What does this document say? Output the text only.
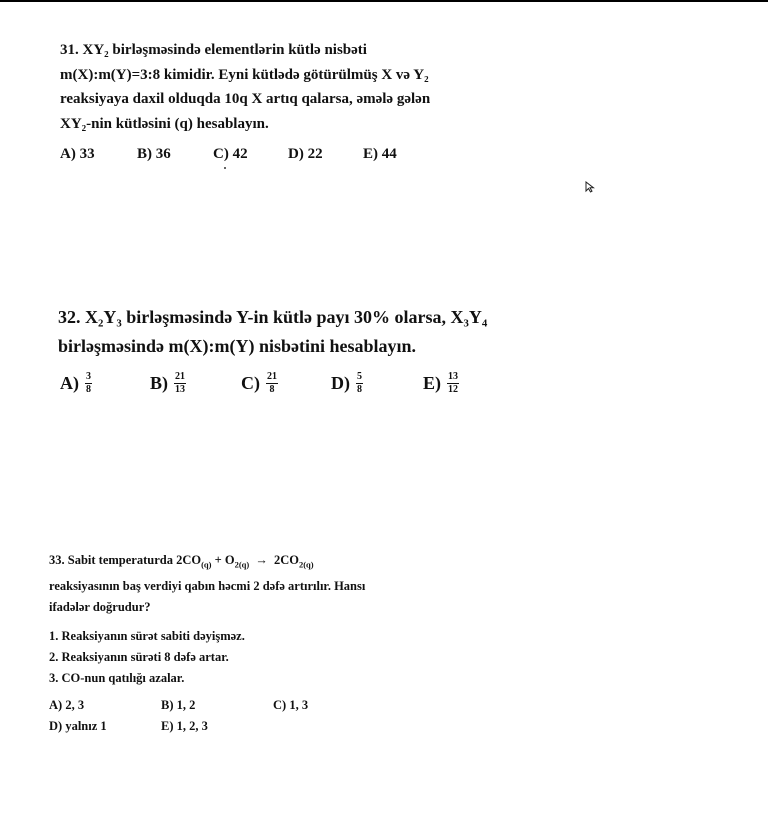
31. XY₂ birləşməsində elementlərin kütlə nisbəti
m(X):m(Y)=3:8 kimidir. Eyni kütlədə götürülmüş X və Y₂
reaksiyaya daxil olduqda 10q X artıq qalarsa, əmələ gələn
XY₂-nin kütləsini (q) hesablayın.
A) 33	B) 36	C) 42	D) 22	E) 44
32. X₂Y₃ birləşməsində Y-in kütlə payı 30% olarsa, X₃Y₄
birləşməsində m(X):m(Y) nisbətini hesablayın.
$A) \frac{3}{8}$	$B) \frac{21}{13}$	$C) \frac{21}{8}$	$D) \frac{5}{8}$	$E) \frac{13}{12}$
33. Sabit temperaturda $2CO_{(q)} + O_{2(q)} \to 2CO_{2(q)}$
reaksiyasının baş verdiyi qabın həcmi 2 dəfə artırılır. Hansı
ifadələr doğrudur?
1. Reaksiyanın sürət sabiti dəyişməz.
2. Reaksiyanın sürəti 8 dəfə artar.
3. CO-nun qatılığı azalar.
A) 2, 3	B) 1, 2	C) 1, 3
D) yalnız 1	E) 1, 2, 3
